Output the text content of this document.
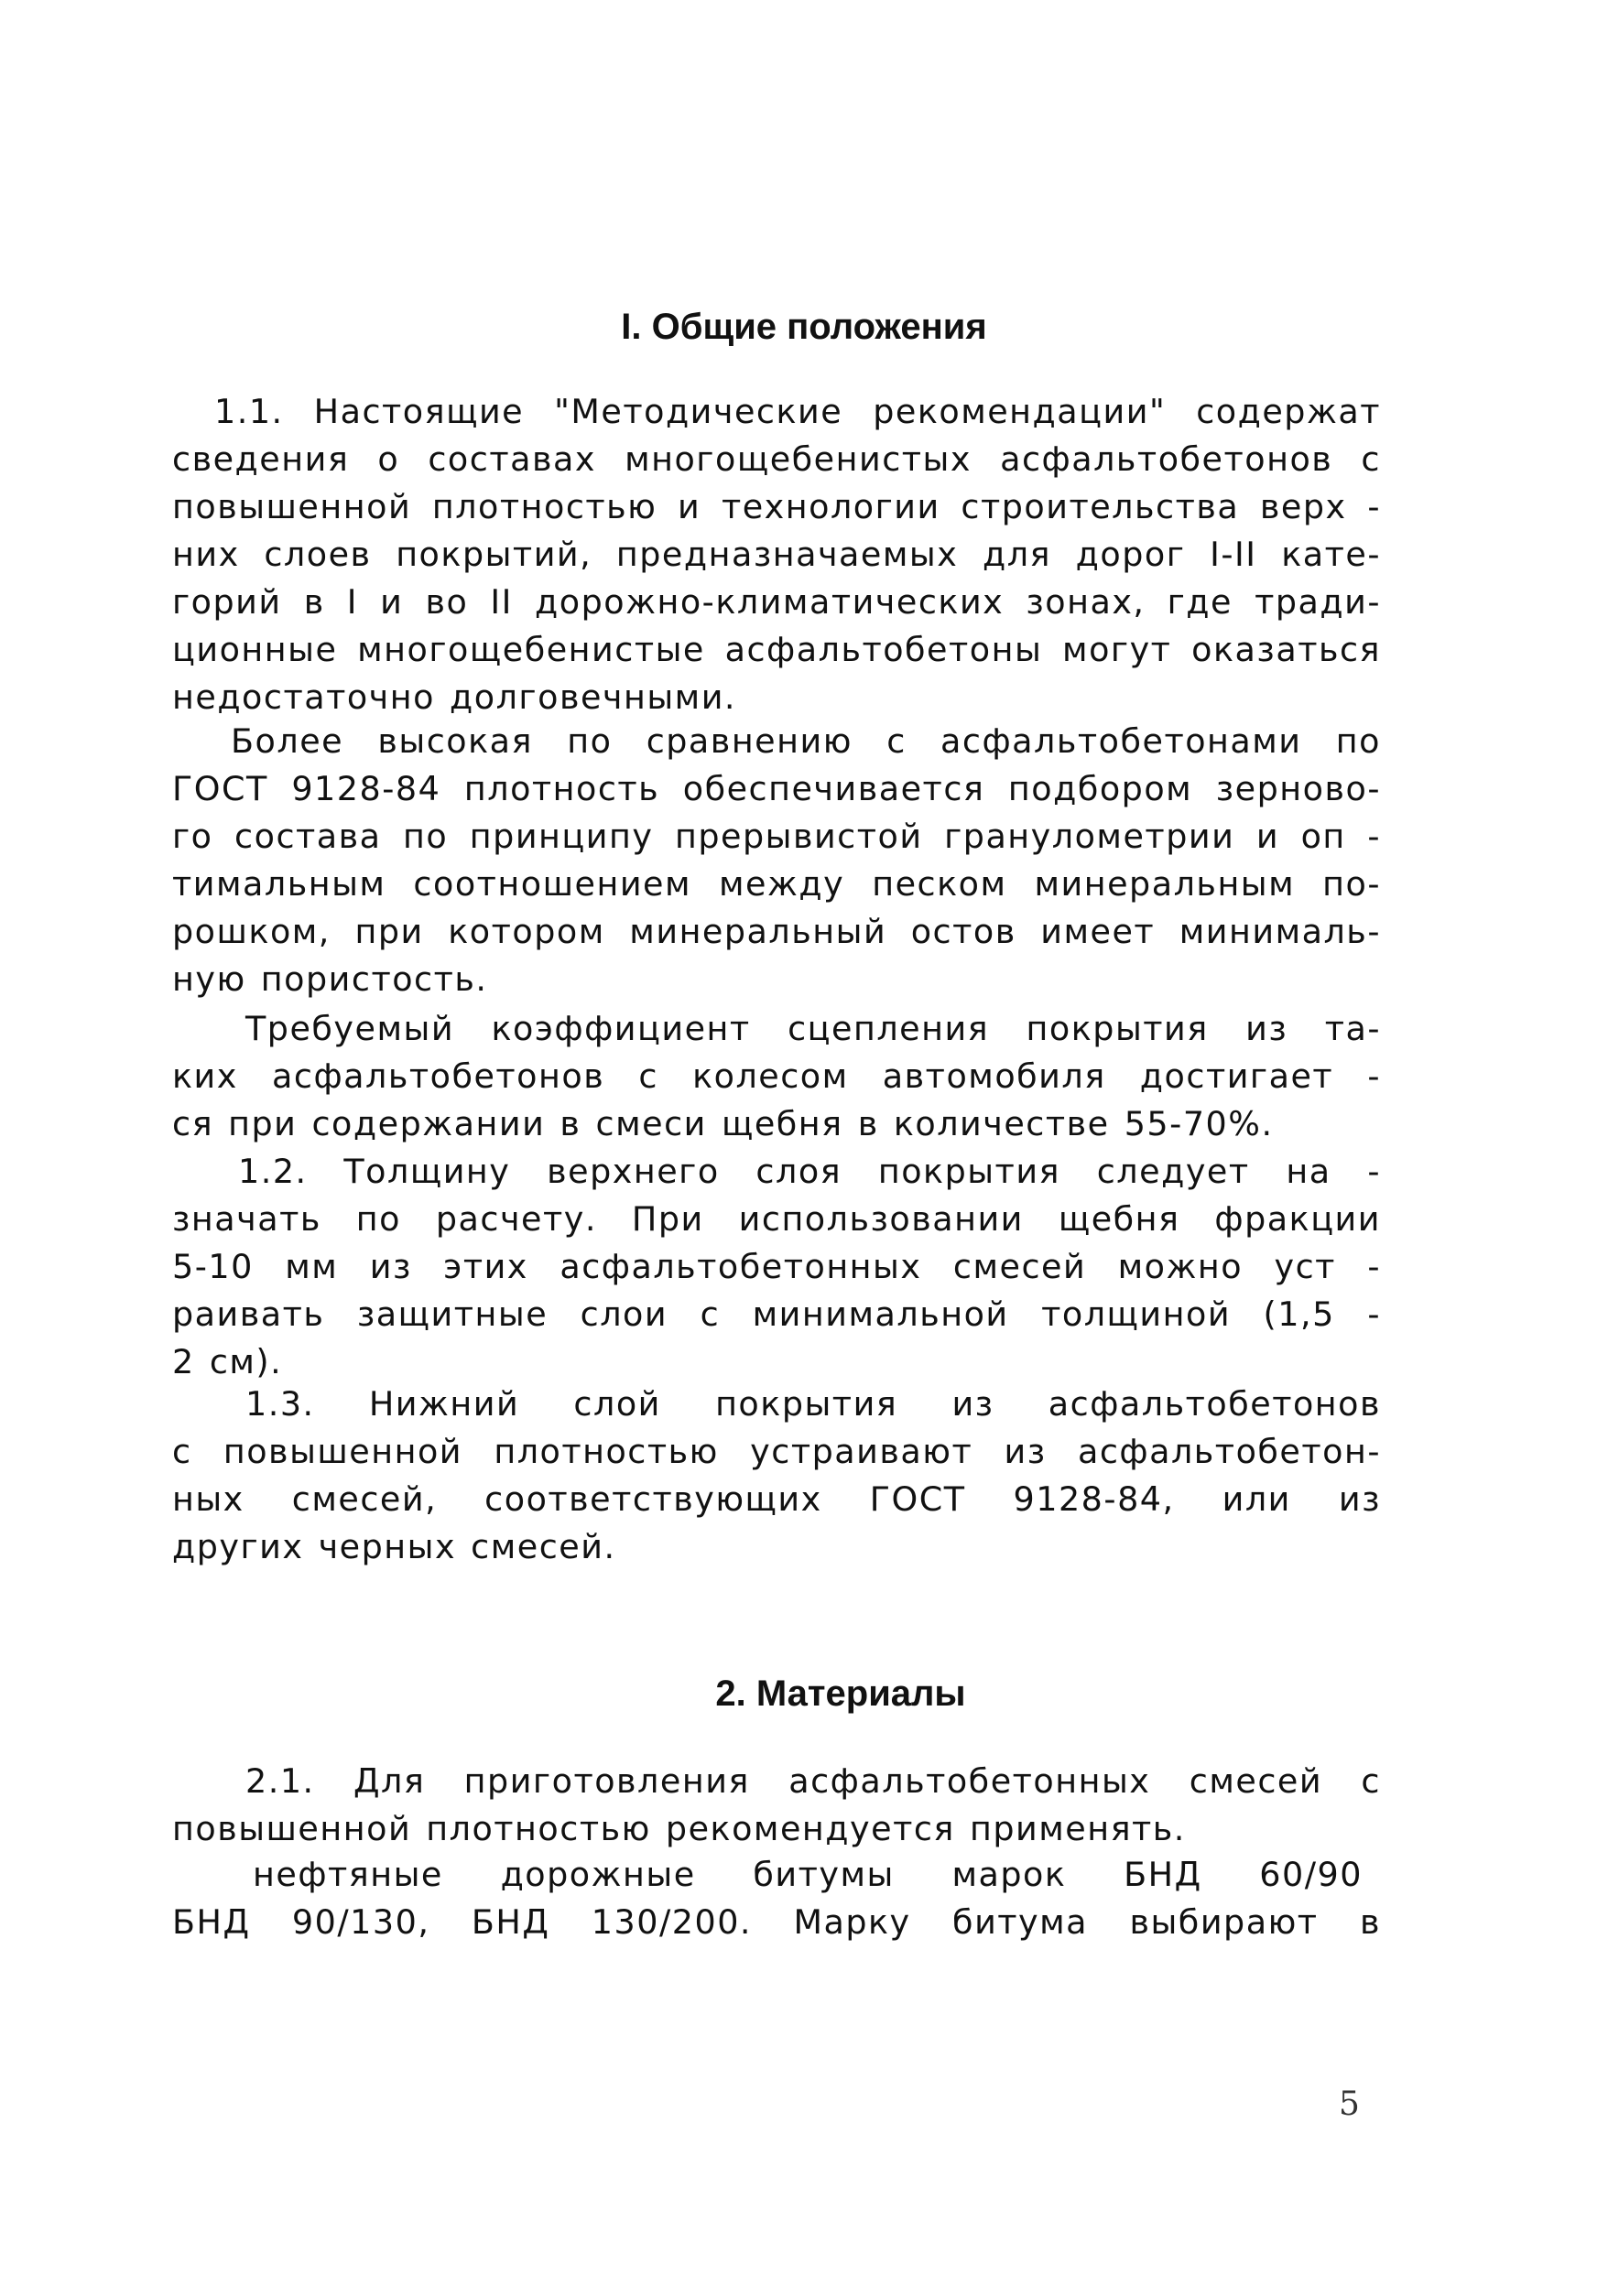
I. Общие положения
1.1. Настоящие "Методические рекомендации" содержат
сведения о составах многощебенистых асфальтобетонов с
повышенной плотностью и технологии строительства верх -
них слоев покрытий, предназначаемых для дорог I-II кате-
горий в I и во II дорожно-климатических зонах, где тради-
ционные многощебенистые асфальтобетоны могут оказаться
недостаточно долговечными.
Более высокая по сравнению с асфальтобетонами по
ГОСТ 9128-84 плотность обеспечивается подбором зерново-
го состава по принципу прерывистой гранулометрии и оп -
тимальным соотношением между песком минеральным по-
рошком, при котором минеральный остов имеет минималь-
ную пористость.
Требуемый коэффициент сцепления покрытия из та-
ких асфальтобетонов с колесом автомобиля достигает -
ся при содержании в смеси щебня в количестве 55-70%.
1.2. Толщину верхнего слоя покрытия следует на -
значать по расчету. При использовании щебня фракции
5-10 мм из этих асфальтобетонных смесей можно уст -
раивать защитные слои с минимальной толщиной (1,5 -
2 см).
1.3. Нижний слой покрытия из асфальтобетонов
с повышенной плотностью устраивают из асфальтобетон-
ных смесей, соответствующих ГОСТ 9128-84, или из
других черных смесей.
2. Материалы
2.1. Для приготовления асфальтобетонных смесей с
повышенной плотностью рекомендуется применять.
нефтяные дорожные битумы марок БНД 60/90
БНД 90/130, БНД 130/200. Марку битума выбирают в
5
